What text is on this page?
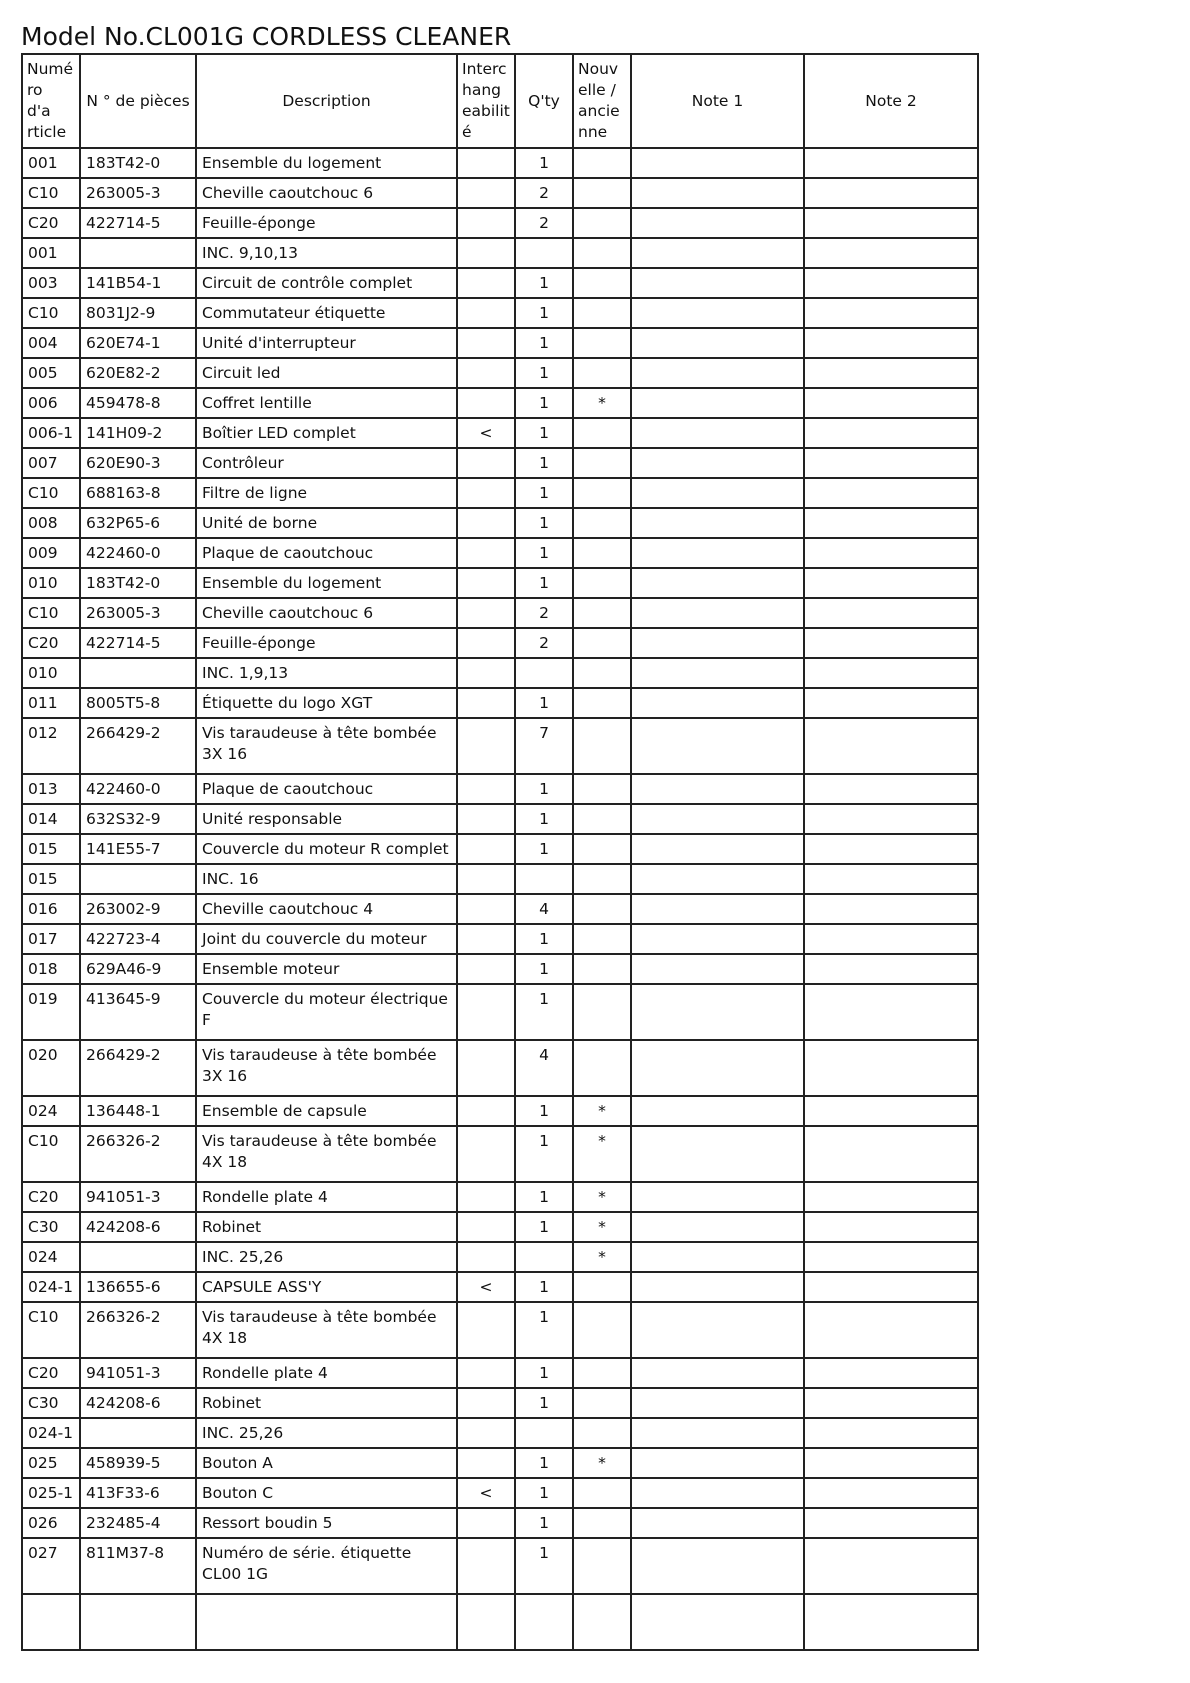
Model No.CL001G CORDLESS CLEANER
Numé ro d'a rticle	N ° de pièces	Description	Interc hang eabilit é	Q'ty	Nouv elle / ancie nne	Note 1	Note 2
001	183T42-0	Ensemble du logement		1			
C10	263005-3	Cheville caoutchouc 6		2			
C20	422714-5	Feuille-éponge		2			
001		INC. 9,10,13					
003	141B54-1	Circuit de contrôle complet		1			
C10	8031J2-9	Commutateur étiquette		1			
004	620E74-1	Unité d'interrupteur		1			
005	620E82-2	Circuit led		1			
006	459478-8	Coffret lentille		1	*		
006-1	141H09-2	Boîtier LED complet	<	1			
007	620E90-3	Contrôleur		1			
C10	688163-8	Filtre de ligne		1			
008	632P65-6	Unité de borne		1			
009	422460-0	Plaque de caoutchouc		1			
010	183T42-0	Ensemble du logement		1			
C10	263005-3	Cheville caoutchouc 6		2			
C20	422714-5	Feuille-éponge		2			
010		INC. 1,9,13					
011	8005T5-8	Étiquette du logo XGT		1			
012	266429-2	Vis taraudeuse à tête bombée 3X 16		7			
013	422460-0	Plaque de caoutchouc		1			
014	632S32-9	Unité responsable		1			
015	141E55-7	Couvercle du moteur R complet		1			
015		INC. 16					
016	263002-9	Cheville caoutchouc 4		4			
017	422723-4	Joint du couvercle du moteur		1			
018	629A46-9	Ensemble moteur		1			
019	413645-9	Couvercle du moteur électrique F		1			
020	266429-2	Vis taraudeuse à tête bombée 3X 16		4			
024	136448-1	Ensemble de capsule		1	*		
C10	266326-2	Vis taraudeuse à tête bombée 4X 18		1	*		
C20	941051-3	Rondelle plate 4		1	*		
C30	424208-6	Robinet		1	*		
024		INC. 25,26			*		
024-1	136655-6	CAPSULE ASS'Y	<	1			
C10	266326-2	Vis taraudeuse à tête bombée 4X 18		1			
C20	941051-3	Rondelle plate 4		1			
C30	424208-6	Robinet		1			
024-1		INC. 25,26					
025	458939-5	Bouton A		1	*		
025-1	413F33-6	Bouton C	<	1			
026	232485-4	Ressort boudin 5		1			
027	811M37-8	Numéro de série. étiquette CL00 1G		1			
